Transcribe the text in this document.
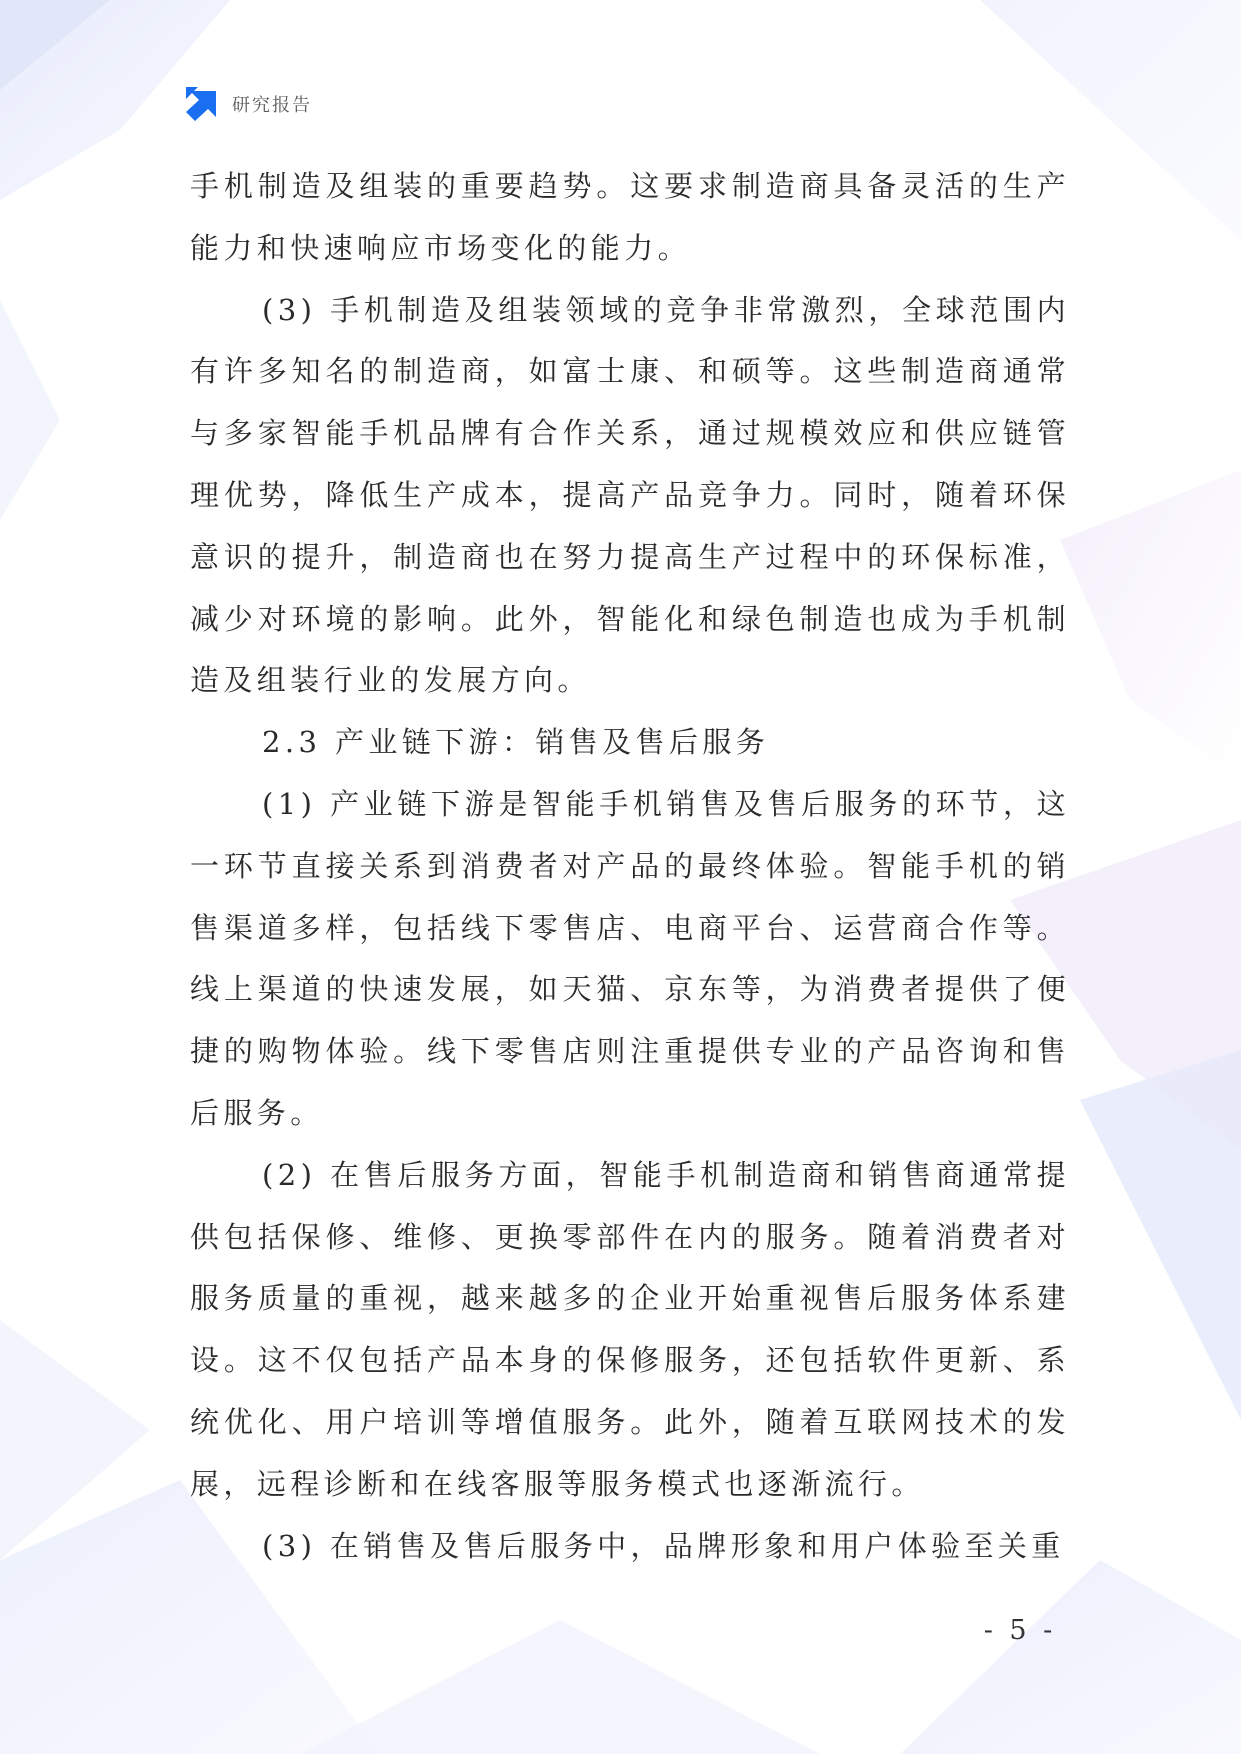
研究报告

手机制造及组装的重要趋势。这要求制造商具备灵活的生产能力和快速响应市场变化的能力。

(3) 手机制造及组装领域的竞争非常激烈，全球范围内有许多知名的制造商，如富士康、和硕等。这些制造商通常与多家智能手机品牌有合作关系，通过规模效应和供应链管理优势，降低生产成本，提高产品竞争力。同时，随着环保意识的提升，制造商也在努力提高生产过程中的环保标准，减少对环境的影响。此外，智能化和绿色制造也成为手机制造及组装行业的发展方向。

2.3 产业链下游：销售及售后服务

(1) 产业链下游是智能手机销售及售后服务的环节，这一环节直接关系到消费者对产品的最终体验。智能手机的销售渠道多样，包括线下零售店、电商平台、运营商合作等。线上渠道的快速发展，如天猫、京东等，为消费者提供了便捷的购物体验。线下零售店则注重提供专业的产品咨询和售后服务。

(2) 在售后服务方面，智能手机制造商和销售商通常提供包括保修、维修、更换零部件在内的服务。随着消费者对服务质量的重视，越来越多的企业开始重视售后服务体系建设。这不仅包括产品本身的保修服务，还包括软件更新、系统优化、用户培训等增值服务。此外，随着互联网技术的发展，远程诊断和在线客服等服务模式也逐渐流行。

(3) 在销售及售后服务中，品牌形象和用户体验至关重

- 5 -
